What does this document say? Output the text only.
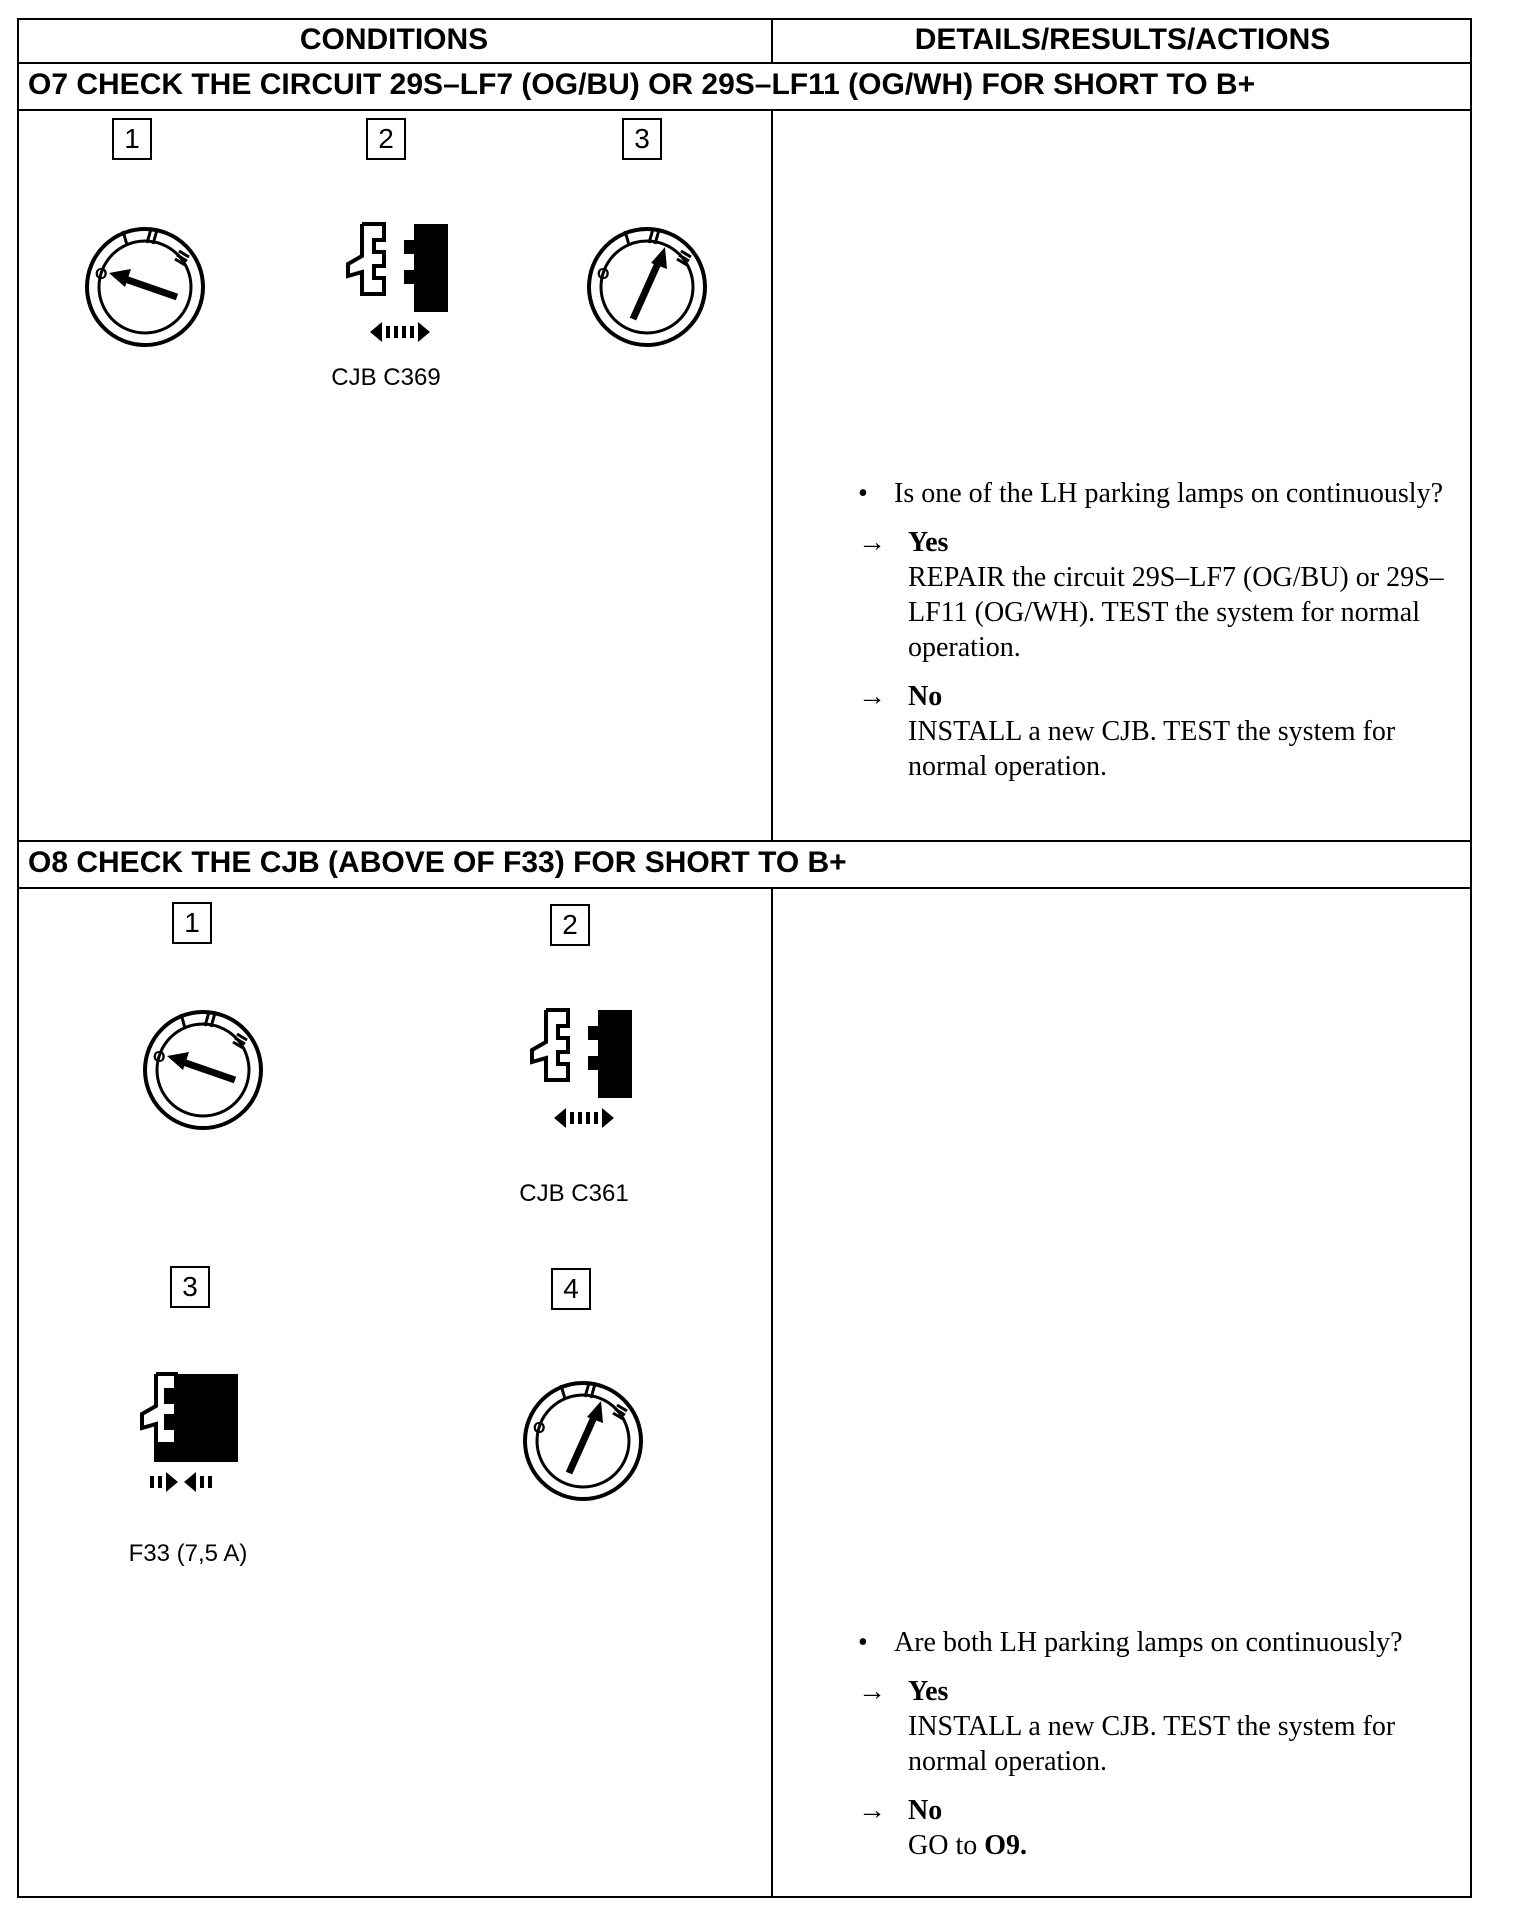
CONDITIONS	DETAILS/RESULTS/ACTIONS
O7 CHECK THE CIRCUIT 29S–LF7 (OG/BU) OR 29S–LF11 (OG/WH) FOR SHORT TO B+
1	2	3
CJB C369
• Is one of the LH parking lamps on continuously?
→ Yes
REPAIR the circuit 29S–LF7 (OG/BU) or 29S–LF11 (OG/WH). TEST the system for normal operation.
→ No
INSTALL a new CJB. TEST the system for normal operation.
O8 CHECK THE CJB (ABOVE OF F33) FOR SHORT TO B+
1	2
3	4
CJB C361
F33 (7,5 A)
• Are both LH parking lamps on continuously?
→ Yes
INSTALL a new CJB. TEST the system for normal operation.
→ No
GO to O9.
